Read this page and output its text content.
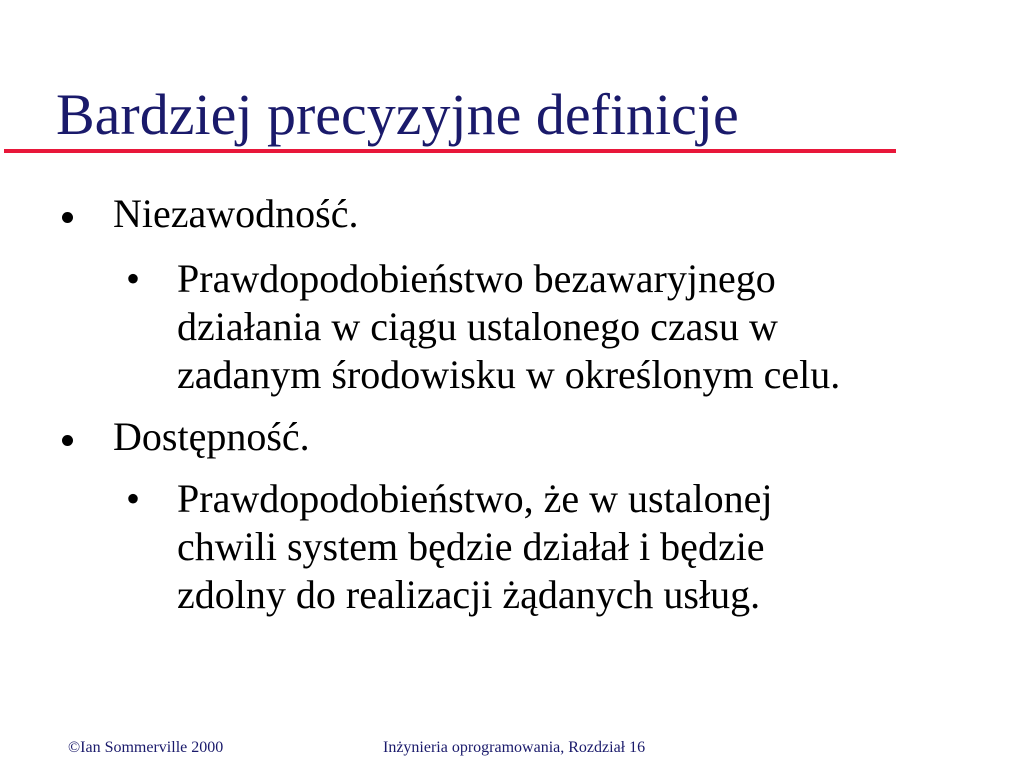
Bardziej precyzyjne definicje
Niezawodność.
• Prawdopodobieństwo bezawaryjnego
działania w ciągu ustalonego czasu w
zadanym środowisku w określonym celu.
Dostępność.
• Prawdopodobieństwo, że w ustalonej
chwili system będzie działał i będzie
zdolny do realizacji żądanych usług.
©Ian Sommerville 2000	Inżynieria oprogramowania, Rozdział 16
